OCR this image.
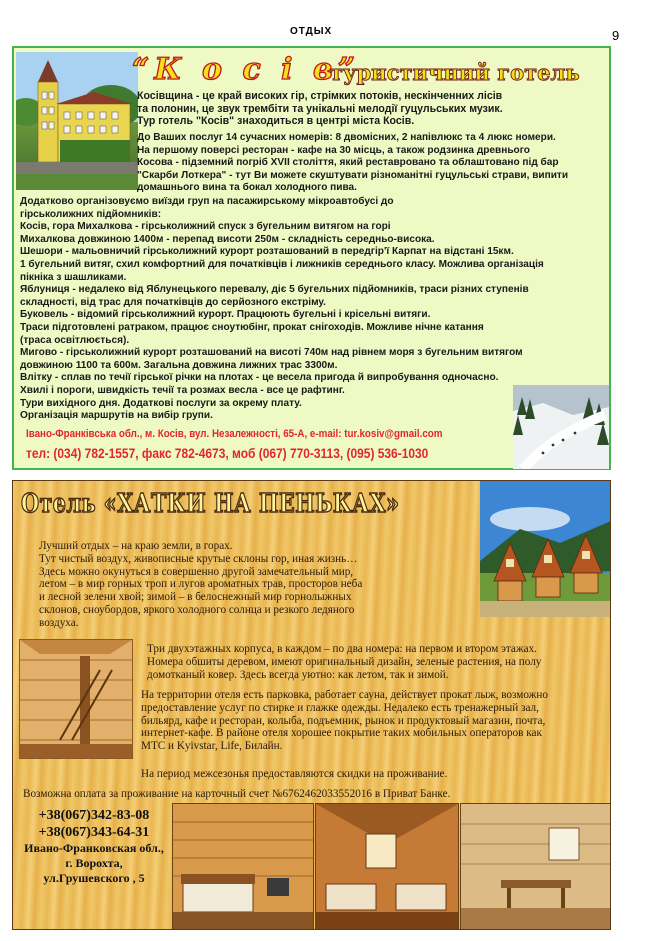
ОТДЫХ	9
“К о с і в”
туристичний готель
Косівщина - це край високих гір, стрімких потоків, нескінченних лісів
та полонин, це звук трембіти та унікальні мелодії гуцульських музик.
Тур готель "Косів" знаходиться в центрі міста Косів.
До Ваших послуг 14 сучасних номерів: 8 двомісних, 2 напівлюкс та 4 люкс номери.
На першому поверсі ресторан - кафе на 30 місць, а також родзинка древнього
Косова - підземний погріб XVII століття, який реставровано та облаштовано під бар
"Скарби Лоткера" - тут Ви можете скуштувати різноманітні гуцульські страви, випити
домашнього вина та бокал холодного пива.
Додатково організовуємо виїзди груп на пасажирському мікроавтобусі до
гірськолижних підйомників:
Косів, гора Михалкова - гірськолижний спуск з бугельним витягом на горі
Михалкова довжиною 1400м - перепад висоти 250м - складність середньо-висока.
Шешори - мальовничий гірськолижний курорт розташований в передгір'ї Карпат на відстані 15км.
1 бугельний витяг, схил комфортний для початківців і лижників середнього класу. Можлива організація
пікніка з шашликами.
Яблуниця - недалеко від Яблунецького перевалу, діє 5 бугельних підйомників, траси різних ступенів
складності, від трас для початківців до серйозного екстріму.
Буковель - відомий гірськолижний курорт. Працюють бугельні і крісельні витяги.
Траси підготовлені ратраком, працює сноутюбінг, прокат снігоходів. Можливе нічне катання
(траса освітлюється).
Мигово - гірськолижний курорт розташований на висоті 740м над рівнем моря з бугельним витягом
довжиною 1100 та 600м. Загальна довжина лижних трас 3300м.
Влітку - сплав по течії гірської річки на плотах - це весела пригода й випробування одночасно.
Хвилі і пороги, швидкість течії та розмах весла - все це рафтинг.
Тури вихідного дня. Додаткові послуги за окрему плату.
Організація маршрутів на вибір групи.
Івано-Франківська обл., м. Косів, вул. Незалежності, 65-А, e-mail: tur.kosiv@gmail.com
тел: (034) 782-1557, факс 782-4673, моб (067) 770-3113, (095) 536-1030
Отель «ХАТКИ НА ПЕНЬКАХ»
Лучший отдых – на краю земли, в горах.
Тут чистый воздух, живописные крутые склоны гор, иная жизнь…
Здесь можно окунуться в совершенно другой замечательный мир,
летом – в мир горных троп и лугов ароматных трав, просторов неба
и лесной зелени хвой; зимой – в белоснежный мир горнолыжных
склонов, сноубордов, яркого холодного солнца и резкого ледяного
воздуха.
Три двухэтажных корпуса, в каждом – по два номера: на первом и втором этажах.
Номера обшиты деревом, имеют оригинальный дизайн, зеленые растения, на полу
домотканый ковер. Здесь всегда уютно: как летом, так и зимой.
На территории отеля есть парковка, работает сауна, действует прокат лыж, возможно
предоставление услуг по стирке и глажке одежды. Недалеко есть тренажерный зал,
бильярд, кафе и ресторан, колыба, подъемник, рынок и продуктовый магазин, почта,
интернет-кафе. В районе отеля хорошее покрытие таких мобильных операторов как
МТС и Kyivstar, Life, Билайн.
На период межсезонья предоставляются скидки на проживание.
Возможна оплата за проживание на карточный счет №6762462033552016 в Приват Банке.
+38(067)342-83-08
+38(067)343-64-31
Ивано-Франковская обл.,
г. Ворохта,
ул.Грушевского , 5
